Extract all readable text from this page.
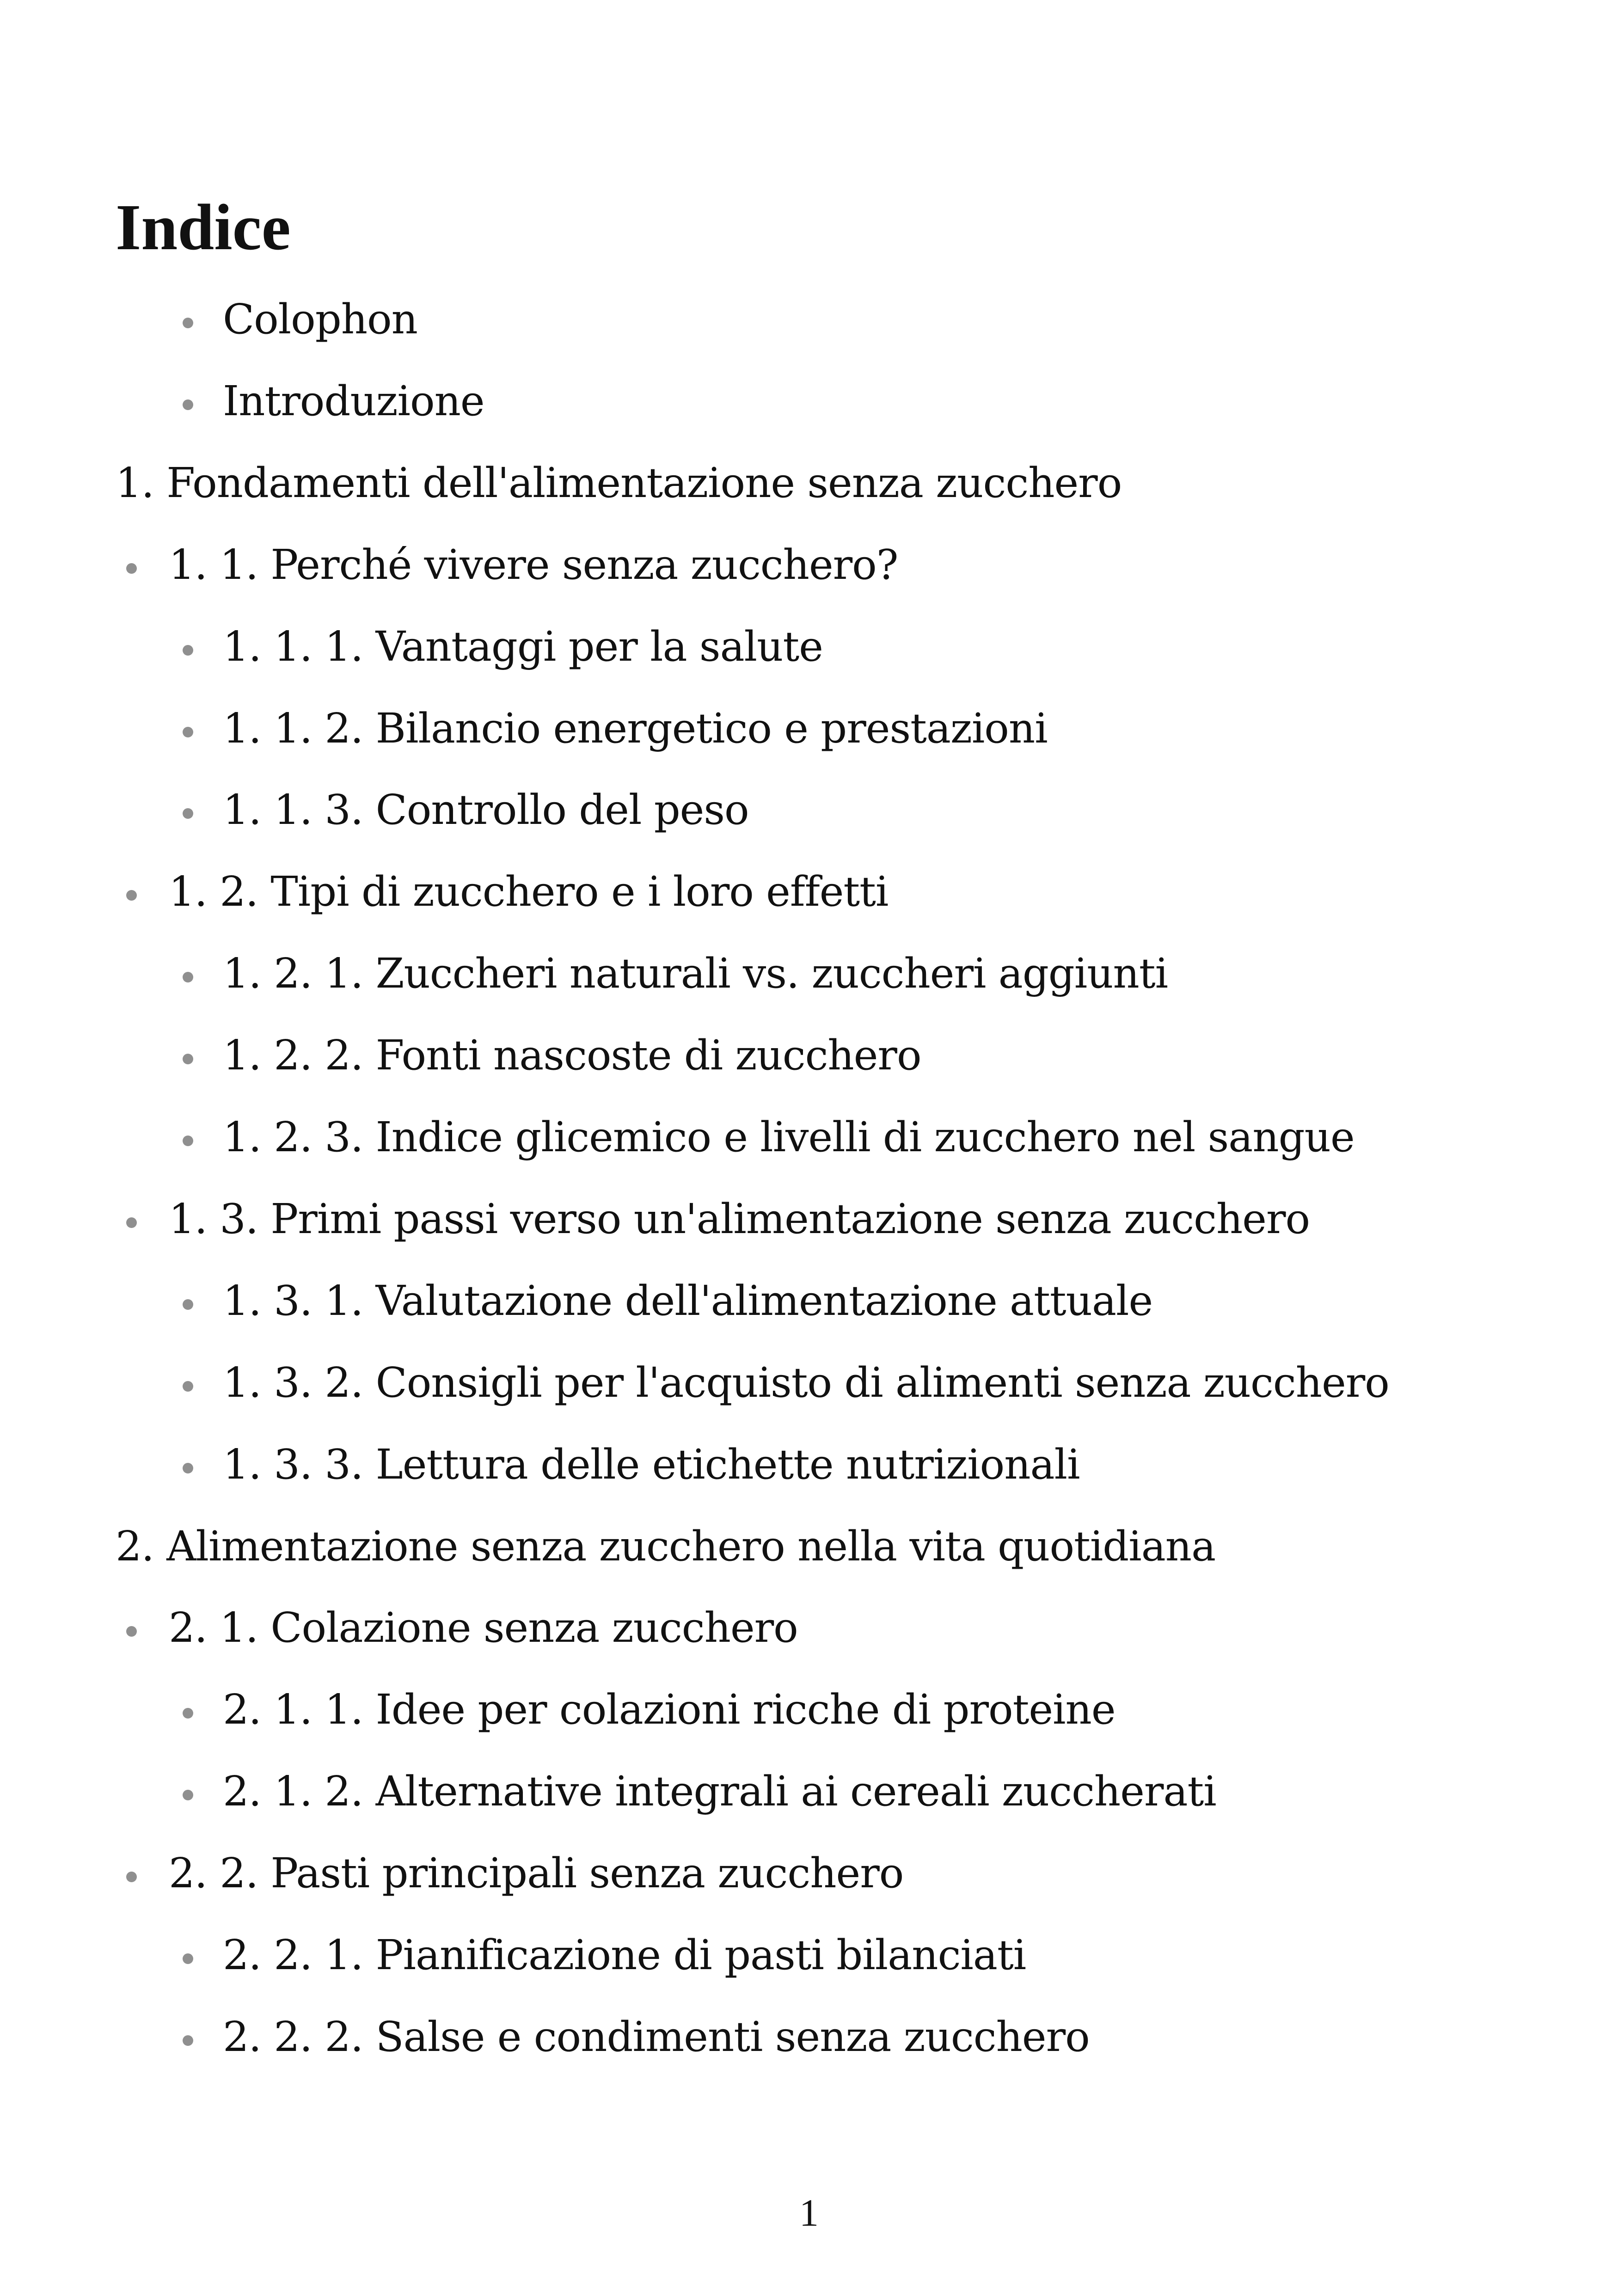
Indice
Colophon
Introduzione
1. Fondamenti dell'alimentazione senza zucchero
1. 1. Perché vivere senza zucchero?
1. 1. 1. Vantaggi per la salute
1. 1. 2. Bilancio energetico e prestazioni
1. 1. 3. Controllo del peso
1. 2. Tipi di zucchero e i loro effetti
1. 2. 1. Zuccheri naturali vs. zuccheri aggiunti
1. 2. 2. Fonti nascoste di zucchero
1. 2. 3. Indice glicemico e livelli di zucchero nel sangue
1. 3. Primi passi verso un'alimentazione senza zucchero
1. 3. 1. Valutazione dell'alimentazione attuale
1. 3. 2. Consigli per l'acquisto di alimenti senza zucchero
1. 3. 3. Lettura delle etichette nutrizionali
2. Alimentazione senza zucchero nella vita quotidiana
2. 1. Colazione senza zucchero
2. 1. 1. Idee per colazioni ricche di proteine
2. 1. 2. Alternative integrali ai cereali zuccherati
2. 2. Pasti principali senza zucchero
2. 2. 1. Pianificazione di pasti bilanciati
2. 2. 2. Salse e condimenti senza zucchero
1
